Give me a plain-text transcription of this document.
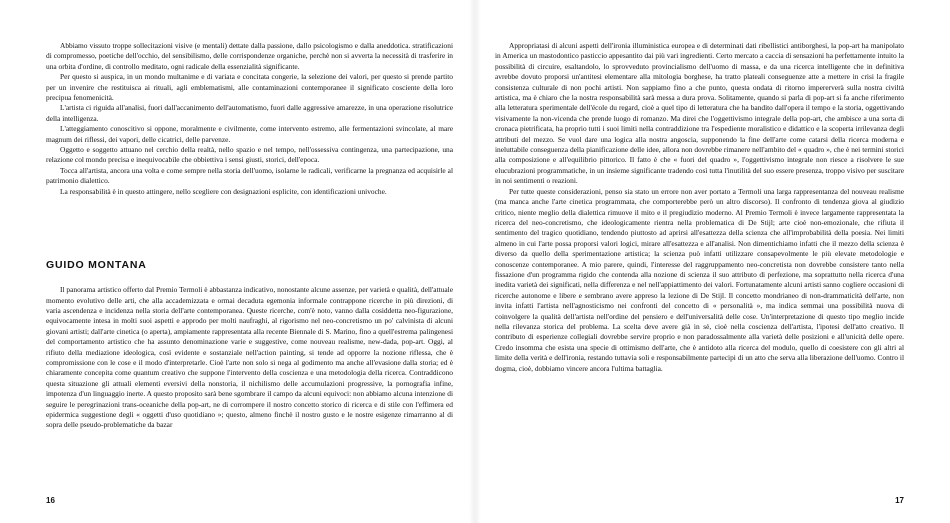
Abbiamo vissuto troppe sollecitazioni visive (e mentali) dettate dalla passione, dallo psicologismo e dalla aneddotica. stratificazioni di compromesso, poetiche dell'occhio, del sensibilismo, delle corrispondenze organiche, perchè non si avverta la necessità di trasferire in una orbita d'ordine, di controllo meditato, ogni radicale della essenzialità significante.

Per questo si auspica, in un mondo multanime e di variata e concitata congerie, la selezione dei valori, per questo si prende partito per un invenire che restituisca ai rituali, agli emblematismi, alle contaminazioni contemporanee il significato cosciente della loro precipua fenomenicità.

L'artista ci riguida all'analisi, fuori dall'accanimento dell'automatismo, fuori dalle aggressive amarezze, in una operazione risolutrice della intelligenza.

L'atteggiamento conoscitivo si oppone, moralmente e civilmente, come intervento estremo, alle fermentazioni svincolate, al mare magnum dei riflessi, dei vapori, delle cicatrici, delle parvenze.

Oggetto e soggetto attuano nel cerchio della realtà, nello spazio e nel tempo, nell'ossessiva contingenza, una partecipazione, una relazione col mondo precisa e inequivocabile che obbiettiva i sensi giusti, storici, dell'epoca.

Tocca all'artista, ancora una volta e come sempre nella storia dell'uomo, isolarne le radicali, verificarne la pregnanza ed acquisirle al patrimonio dialettico.

La responsabilità è in questo attingere, nello scegliere con designazioni esplicite, con identificazioni univoche.

GUIDO MONTANA

Il panorama artistico offerto dal Premio Termoli è abbastanza indicativo, nonostante alcune assenze, per varietà e qualità, dell'attuale momento evolutivo delle arti, che alla accademizzata e ormai decaduta egemonia informale contrappone ricerche in più direzioni, di varia ascendenza e incidenza nella storia dell'arte contemporanea. Queste ricerche, com'è noto, vanno dalla cosiddetta neo-figurazione, equivocamente intesa in molti suoi aspetti e approdo per molti naufraghi, al rigorismo nel neo-concretismo un po' calvinista di alcuni giovani artisti; dall'arte cinetica (o aperta), ampiamente rappresentata alla recente Biennale di S. Marino, fino a quell'estrema palingenesi del comportamento artistico che ha assunto denominazione varie e suggestive, come nouveau realisme, new-dada, pop-art. Oggi, al rifiuto della mediazione ideologica, così evidente e sostanziale nell'action painting, si tende ad opporre la nozione riflessa, che è compromissione con le cose e il modo d'interpretarle. Cioè l'arte non solo si nega al godimento ma anche all'evasione dalla storia; ed è chiaramente concepita come quantum creativo che suppone l'intervento della coscienza e una metodologia della ricerca. Contraddicono questa situazione gli attuali elementi eversivi della nonstoria, il nichilismo delle accumulazioni progressive, la pornografia infine, impotenza d'un linguaggio inerte. A questo proposito sarà bene sgombrare il campo da alcuni equivoci: non abbiamo alcuna intenzione di seguire le peregrinazioni trans-oceaniche della pop-art, ne di corrompere il nostro concetto storico di ricerca e di stile con l'effimera ed epidermica suggestione degli « oggetti d'uso quotidiano »; questo, almeno finchè il nostro gusto e le nostre esigenze rimarranno al di sopra delle pseudo-problematiche da bazar

16

Appropriatasi di alcuni aspetti dell'ironia illuministica europea e di determinati dati ribellistici antiborghesi, la pop-art ha manipolato in America un mastodontico pasticcio appesantito dai più vari ingredienti. Certo mercato a caccia di sensazioni ha perfettamente intuito la possibilità di circuire, esaltandolo, lo sprovveduto provincialismo dell'uomo di massa, e da una ricerca intelligente che in definitiva avrebbe dovuto proporsi un'antitesi elementare alla mitologia borghese, ha tratto plateali conseguenze atte a mettere in crisi la fragile consistenza culturale di non pochi artisti. Non sappiamo fino a che punto, questa ondata di ritorno impererverà sulla nostra civiltà artistica, ma è chiaro che la nostra responsabilità sarà messa a dura prova. Solitamente, quando si parla di pop-art si fa anche riferimento alla letteratura sperimentale dell'école du regard, cioè a quel tipo di letteratura che ha bandito dall'opera il tempo e la storia, oggettivando visivamente la non-vicenda che prende luogo di romanzo. Ma direi che l'oggettivismo integrale della pop-art, che ambisce a una sorta di cronaca pietrificata, ha proprio tutti i suoi limiti nella contraddizione tra l'espediente moralistico e didattico e la scoperta irrilevanza degli attributi del mezzo. Se vuol dare una logica alla nostra angoscia, supponendo la fine dell'arte come catarsi della ricerca moderna e ineluttabile conseguenza della pianificazione delle idee, allora non dovrebbe rimanere nell'ambito del « quadro », che è nei termini storici alla composizione e all'equilibrio pittorico. Il fatto è che « fuori del quadro », l'oggettivismo integrale non riesce a risolvere le sue elucubrazioni programmatiche, in un insieme significante tradendo così tutta l'inutilità del suo essere presenza, troppo visivo per suscitare in noi sentimenti o reazioni.

Per tutte queste considerazioni, penso sia stato un errore non aver portato a Termoli una larga rappresentanza del nouveau realisme (ma manca anche l'arte cinetica programmata, che comporterebbe però un altro discorso). Il confronto di tendenza giova al giudizio critico, niente meglio della dialettica rimuove il mito e il pregiudizio moderno. Al Premio Termoli è invece largamente rappresentata la ricerca del neo-concretismo, che ideologicamente rientra nella problematica di De Stijl; arte cioè non-emozionale, che rifiuta il sentimento del tragico quotidiano, tendendo piuttosto ad aprirsi all'esattezza della scienza che all'improbabilità della poesia. Nei limiti almeno in cui l'arte possa proporsi valori logici, mirare all'esattezza e all'analisi. Non dimentichiamo infatti che il mezzo della scienza è diverso da quello della sperimentazione artistica; la scienza può infatti utilizzare consapevolmente le più elevate metodologie e conoscenze contemporanee. A mio parere, quindi, l'interesse del raggruppamento neo-concretista non dovrebbe consistere tanto nella fissazione d'un programma rigido che contenda alla nozione di scienza il suo attributo di perfezione, ma soprattutto nella ricerca d'una inedita varietà dei significati, nella differenza e nel nell'appiattimento dei valori. Fortunatamente alcuni artisti sanno cogliere occasioni di ricerche autonome e libere e sembrano avere appreso la lezione di De Stijl. Il concetto mondrianeo di non-drammaticità dell'arte, non invita infatti l'artista nell'agnosticismo nei confronti del concetto di « personalità », ma indica semmai una possibilità nuova di coinvolgere la qualità dell'artista nell'ordine del pensiero e dell'universalità delle cose. Un'interpretazione di questo tipo meglio incide nella rilevanza storica del problema. La scelta deve avere già in sè, cioè nella coscienza dell'artista, l'ipotesi dell'atto creativo. Il contributo di esperienze collegiali dovrebbe servire proprio e non paradossalmente alla varietà delle posizioni e all'unicità delle opere. Credo insomma che esista una specie di ottimismo dell'arte, che è antidoto alla ricerca del modulo, quello di coesistere con gli altri al limite della verità e dell'ironia, restando tuttavia soli e responsabilmente partecipi di un atto che serva alla liberazione dell'uomo. Contro il dogma, cioè, dobbiamo vincere ancora l'ultima battaglia.

17
